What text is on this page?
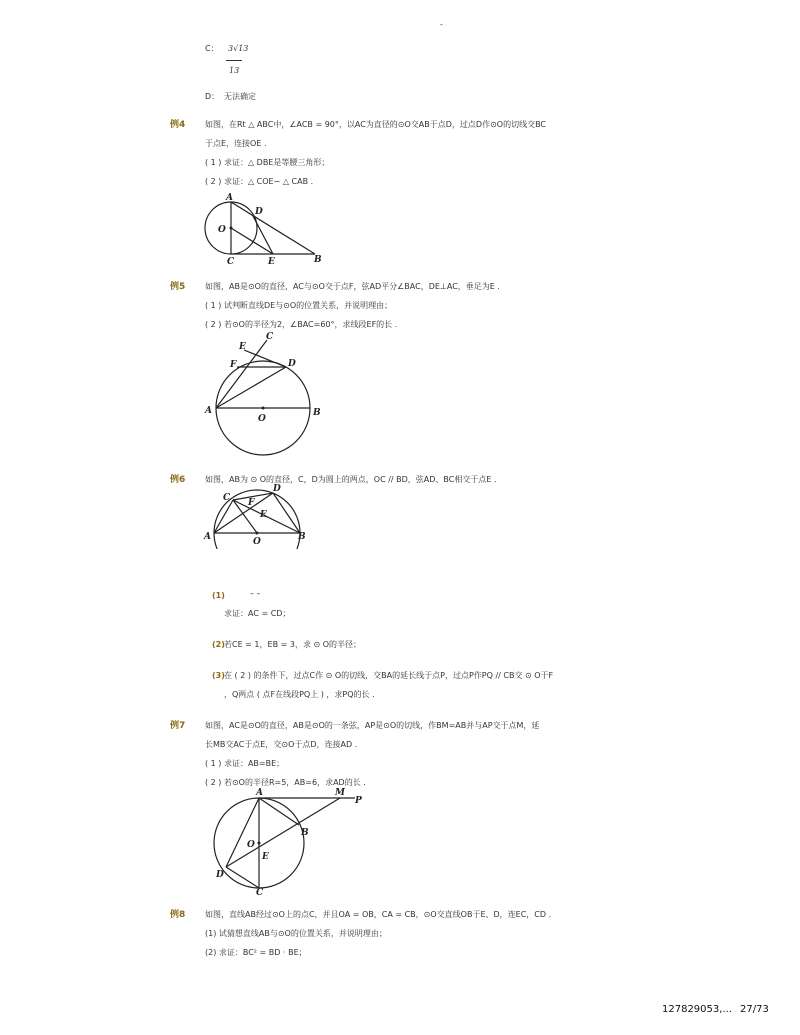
-
C： 3√13
13
D： 无法确定
例4 如图，在Rt △ ABC中，∠ACB = 90°，以AC为直径的⊙O交AB于点D，过点D作⊙O的切线交BC
于点E，连接OE .
( 1 ) 求证：△ DBE是等腰三角形；
( 2 ) 求证：△ COE∽ △ CAB .
A
D
O
C	E	B
例5 如图，AB是⊙O的直径，AC与⊙O交于点F，弦AD平分∠BAC，DE⊥AC，垂足为E .
( 1 ) 试判断直线DE与⊙O的位置关系，并说明理由；
( 2 ) 若⊙O的半径为2，∠BAC=60°，求线段EF的长 .
C
E
F	D
A
O
B
例6 如图，AB为 ⊙ O的直径，C，D为圆上的两点，OC // BD，弦AD、BC相交于点E .
C
D
F
E
A	O	B
(1)	– –
求证：AC = CD；
(2) 若CE = 1，EB = 3，求 ⊙ O的半径；
(3) 在 ( 2 ) 的条件下，过点C作 ⊙ O的切线，交BA的延长线于点P，过点P作PQ // CB交 ⊙ O于F
，Q两点 ( 点F在线段PQ上 ) ，求PQ的长 .
例7 如图，AC是⊙O的直径，AB是⊙O的一条弦，AP是⊙O的切线，作BM=AB并与AP交于点M，延
长MB交AC于点E，交⊙O于点D，连接AD .
( 1 ) 求证：AB=BE；
( 2 ) 若⊙O的半径R=5，AB=6，求AD的长 .
A	M
P
B
O
E
D
C
例8 如图，直线AB经过⊙O上的点C，并且OA = OB，CA = CB，⊙O交直线OB于E、D，连EC，CD .
(1) 试猜想直线AB与⊙O的位置关系，并说明理由；
(2) 求证：BC² = BD · BE；
127829053,... 27/73
